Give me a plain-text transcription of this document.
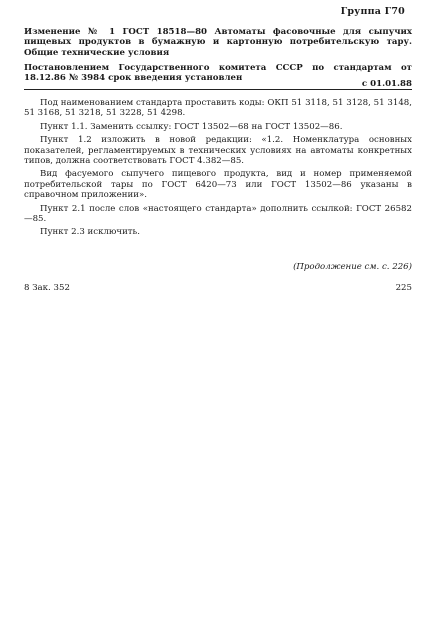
Группа Г70
Изменение № 1 ГОСТ 18518—80 Автоматы фасовочные для сыпучих пищевых продуктов в бумажную и картонную потребительскую тару. Общие технические условия
Постановлением Государственного комитета СССР по стандартам от 18.12.86 № 3984 срок введения установлен
с 01.01.88

Под наименованием стандарта проставить коды: ОКП 51 3118, 51 3128, 51 3148, 51 3168, 51 3218, 51 3228, 51 4298.

Пункт 1.1. Заменить ссылку: ГОСТ 13502—68 на ГОСТ 13502—86.

Пункт 1.2 изложить в новой редакции: «1.2. Номенклатура основных показателей, регламентируемых в технических условиях на автоматы конкретных типов, должна соответствовать ГОСТ 4.382—85.

Вид фасуемого сыпучего пищевого продукта, вид и номер применяемой потребительской тары по ГОСТ 6420—73 или ГОСТ 13502—86 указаны в справочном приложении».

Пункт 2.1 после слов «настоящего стандарта» дополнить ссылкой: ГОСТ 26582—85.

Пункт 2.3 исключить.

(Продолжение см. с. 226)
8 Зак. 352	225
